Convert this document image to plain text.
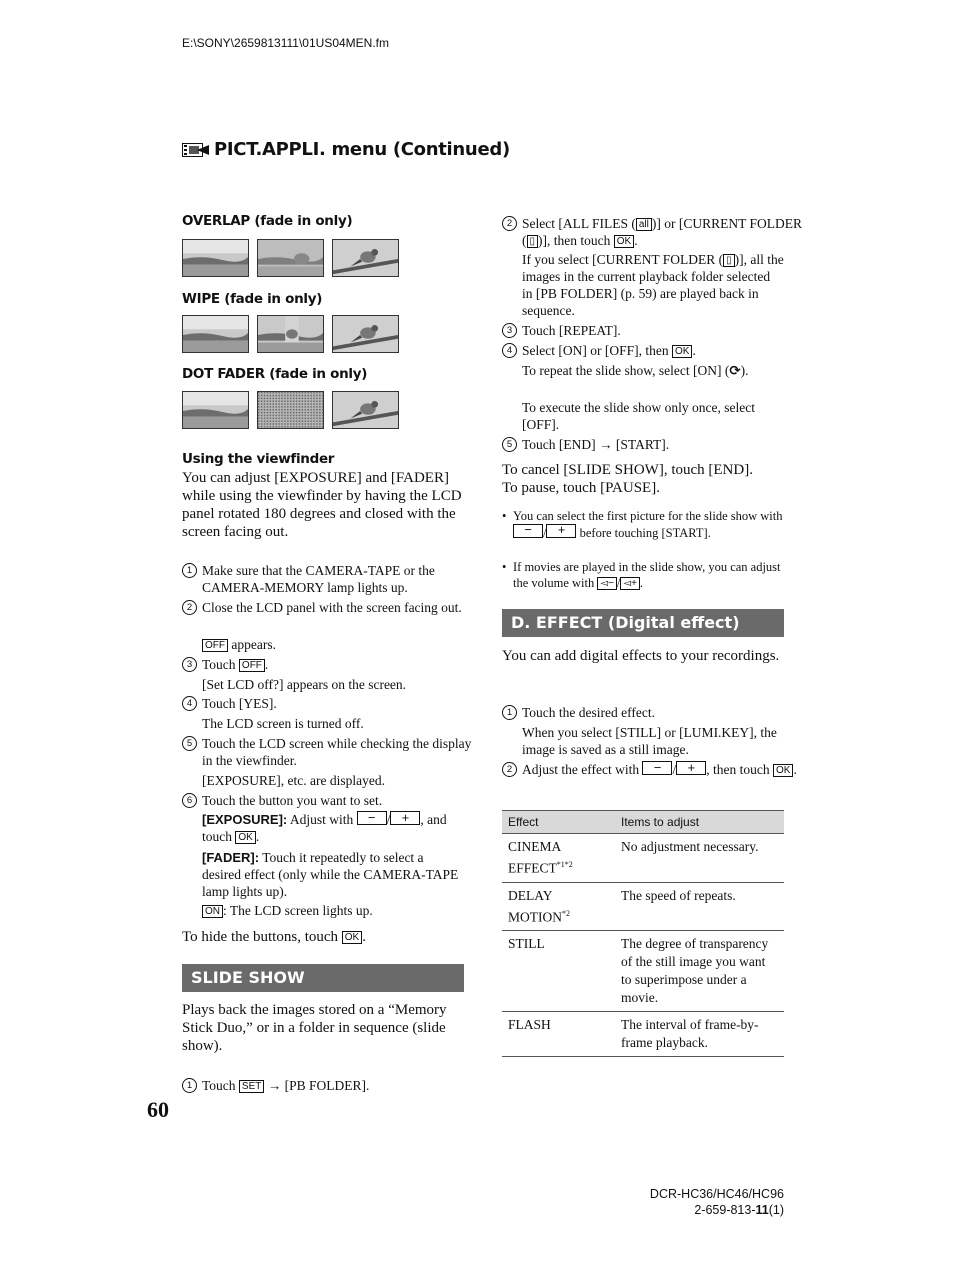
E:\SONY\2659813111\01US04MEN.fm
PICT.APPLI. menu (Continued)
OVERLAP (fade in only)
WIPE (fade in only)
DOT FADER (fade in only)
Using the viewfinder
You can adjust [EXPOSURE] and [FADER] while using the viewfinder by having the LCD panel rotated 180 degrees and closed with the screen facing out.
1 Make sure that the CAMERA-TAPE or the CAMERA-MEMORY lamp lights up.
2 Close the LCD panel with the screen facing out.
OFF appears.
3 Touch OFF .
[Set LCD off?] appears on the screen.
4 Touch [YES].
The LCD screen is turned off.
5 Touch the LCD screen while checking the display in the viewfinder.
[EXPOSURE], etc. are displayed.
6 Touch the button you want to set.
[EXPOSURE]: Adjust with	− / + , and touch OK .
[FADER]: Touch it repeatedly to select a desired effect (only while the CAMERA-TAPE lamp lights up).
ON : The LCD screen lights up.
To hide the buttons, touch OK .
SLIDE SHOW
Plays back the images stored on a “Memory Stick Duo,” or in a folder in sequence (slide show).
1 Touch SET → [PB FOLDER].
2 Select [ALL FILES ( all )] or [CURRENT FOLDER ( ▯ )], then touch OK .
If you select [CURRENT FOLDER ( ▯ )], all the images in the current playback folder selected in [PB FOLDER] (p. 59) are played back in sequence.
3 Touch [REPEAT].
4 Select [ON] or [OFF], then OK .
To repeat the slide show, select [ON] (⟳).
To execute the slide show only once, select [OFF].
5 Touch [END] → [START].
To cancel [SLIDE SHOW], touch [END].
To pause, touch [PAUSE].
• You can select the first picture for the slide show with
− / +	before touching [START].
• If movies are played in the slide show, you can adjust the volume with ◅− / ◅+ .
D. EFFECT (Digital effect)
You can add digital effects to your recordings.
1 Touch the desired effect.
When you select [STILL] or [LUMI.KEY], the image is saved as a still image.
2 Adjust the effect with	− / + , then touch OK .
Effect	Items to adjust
CINEMA $EFFECT^{*1*2}$	No adjustment necessary.
DELAY MOTION$^{*2}$	The speed of repeats.
STILL	The degree of transparency of the still image you want to superimpose under a movie.
FLASH	The interval of frame-by-frame playback.
60
DCR-HC36/HC46/HC96
2-659-813-11(1)
